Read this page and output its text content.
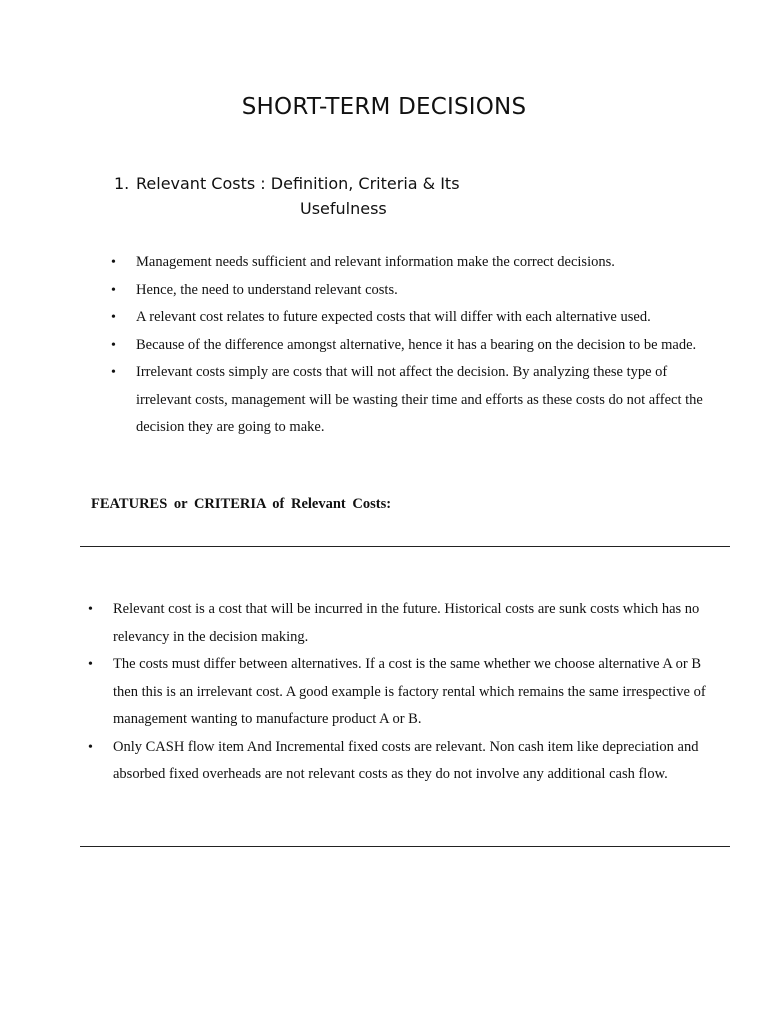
SHORT-TERM DECISIONS
1. Relevant Costs : Definition, Criteria & Its
Usefulness
• Management needs sufficient and relevant information make the correct decisions.
• Hence, the need to understand relevant costs.
• A relevant cost relates to future expected costs that will differ with each alternative used.
• Because of the difference amongst alternative, hence it has a bearing on the decision to be made.
• Irrelevant costs simply are costs that will not affect the decision. By analyzing these type of irrelevant costs, management will be wasting their time and efforts as these costs do not affect the decision they are going to make.

FEATURES or CRITERIA of Relevant Costs:

• Relevant cost is a cost that will be incurred in the future. Historical costs are sunk costs which has no relevancy in the decision making.
• The costs must differ between alternatives. If a cost is the same whether we choose alternative A or B then this is an irrelevant cost. A good example is factory rental which remains the same irrespective of management wanting to manufacture product A or B.
• Only CASH flow item And Incremental fixed costs are relevant. Non cash item like depreciation and absorbed fixed overheads are not relevant costs as they do not involve any additional cash flow.
